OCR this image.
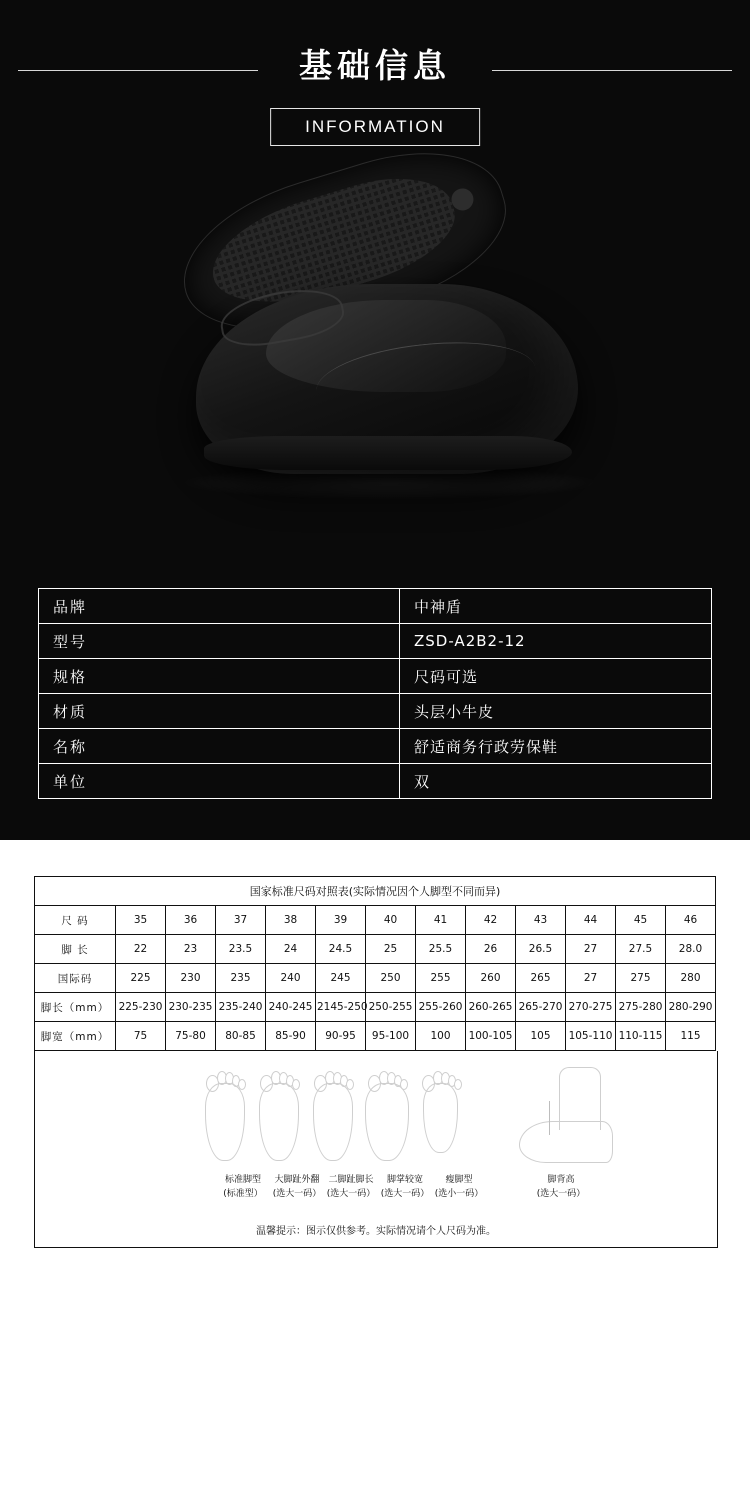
基础信息
INFORMATION
品牌	中神盾
型号	ZSD-A2B2-12
规格	尺码可选
材质	头层小牛皮
名称	舒适商务行政劳保鞋
单位	双
国家标准尺码对照表(实际情况因个人脚型不同而异)
尺 码	35	36	37	38	39	40	41	42	43	44	45	46
脚 长	22	23	23.5	24	24.5	25	25.5	26	26.5	27	27.5	28.0
国际码	225	230	235	240	245	250	255	260	265	27	275	280
脚长（mm）	225-230	230-235	235-240	240-245	2145-250	250-255	255-260	260-265	265-270	270-275	275-280	280-290
脚宽（mm）	75	75-80	80-85	85-90	90-95	95-100	100	100-105	105	105-110	110-115	115
标准脚型
(标准型）
大脚趾外翻
(选大一码）
二脚趾脚长
(选大一码）
脚掌较宽
(选大一码）
瘦脚型
(选小一码）
脚背高
(选大一码）
温馨提示：图示仅供参考。实际情况请个人尺码为准。
